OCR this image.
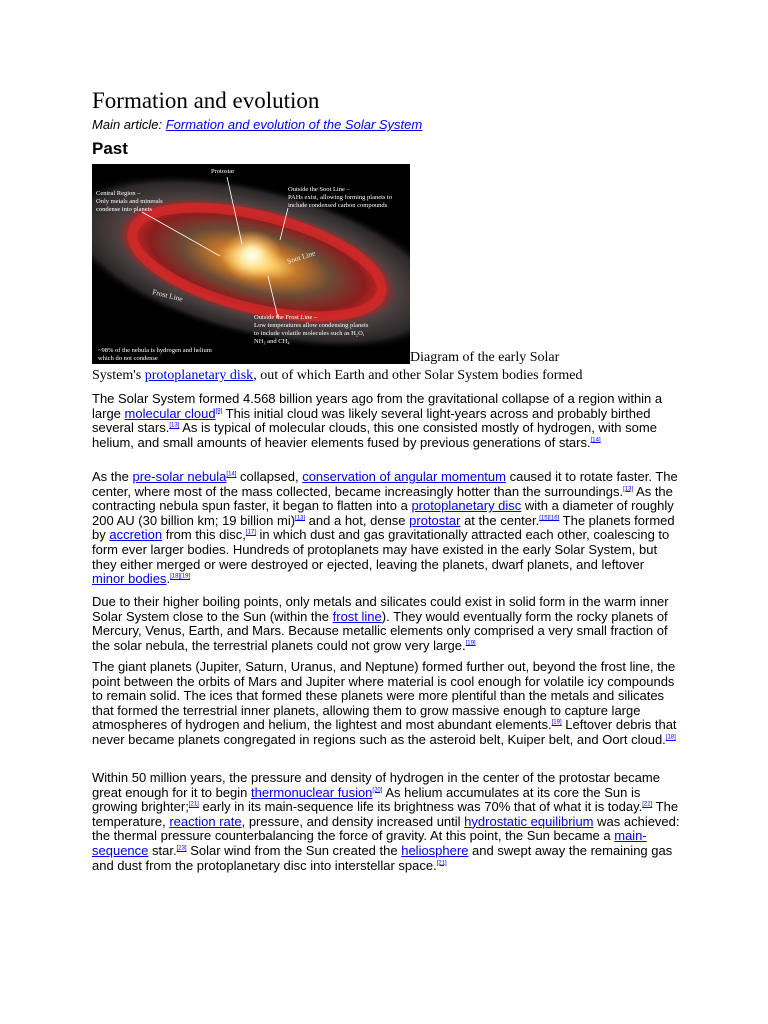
Formation and evolution
Main article: Formation and evolution of the Solar System
Past
Protostar
Central Region –
Only metals and minerals
condense into planets
Outside the Soot Line –
PAHs exist, allowing forming planets to
include condensed carbon compounds
Soot Line
Frost Line
Outside the Frost Line –
Low temperatures allow condensing planets
to include volatile molecules such as H₂O,
NH₃ and CH₄
~98% of the nebula is hydrogen and helium
which do not condense	Diagram of the early Solar
System's protoplanetary disk, out of which Earth and other Solar System bodies formed
The Solar System formed 4.568 billion years ago from the gravitational collapse of a region within a large molecular cloud[9] This initial cloud was likely several light-years across and probably birthed several stars.[13] As is typical of molecular clouds, this one consisted mostly of hydrogen, with some helium, and small amounts of heavier elements fused by previous generations of stars.[14]
As the pre-solar nebula[14] collapsed, conservation of angular momentum caused it to rotate faster. The center, where most of the mass collected, became increasingly hotter than the surroundings.[13] As the contracting nebula spun faster, it began to flatten into a protoplanetary disc with a diameter of roughly 200 AU (30 billion km; 19 billion mi)[13] and a hot, dense protostar at the center.[15][16] The planets formed by accretion from this disc,[17] in which dust and gas gravitationally attracted each other, coalescing to form ever larger bodies. Hundreds of protoplanets may have existed in the early Solar System, but they either merged or were destroyed or ejected, leaving the planets, dwarf planets, and leftover minor bodies.[18][19]
Due to their higher boiling points, only metals and silicates could exist in solid form in the warm inner Solar System close to the Sun (within the frost line). They would eventually form the rocky planets of Mercury, Venus, Earth, and Mars. Because metallic elements only comprised a very small fraction of the solar nebula, the terrestrial planets could not grow very large.[19]
The giant planets (Jupiter, Saturn, Uranus, and Neptune) formed further out, beyond the frost line, the point between the orbits of Mars and Jupiter where material is cool enough for volatile icy compounds to remain solid. The ices that formed these planets were more plentiful than the metals and silicates that formed the terrestrial inner planets, allowing them to grow massive enough to capture large atmospheres of hydrogen and helium, the lightest and most abundant elements.[19] Leftover debris that never became planets congregated in regions such as the asteroid belt, Kuiper belt, and Oort cloud.[18]
Within 50 million years, the pressure and density of hydrogen in the center of the protostar became great enough for it to begin thermonuclear fusion[20] As helium accumulates at its core the Sun is growing brighter;[21] early in its main-sequence life its brightness was 70% that of what it is today.[22] The temperature, reaction rate, pressure, and density increased until hydrostatic equilibrium was achieved: the thermal pressure counterbalancing the force of gravity. At this point, the Sun became a main-sequence star.[23] Solar wind from the Sun created the heliosphere and swept away the remaining gas and dust from the protoplanetary disc into interstellar space.[21]
